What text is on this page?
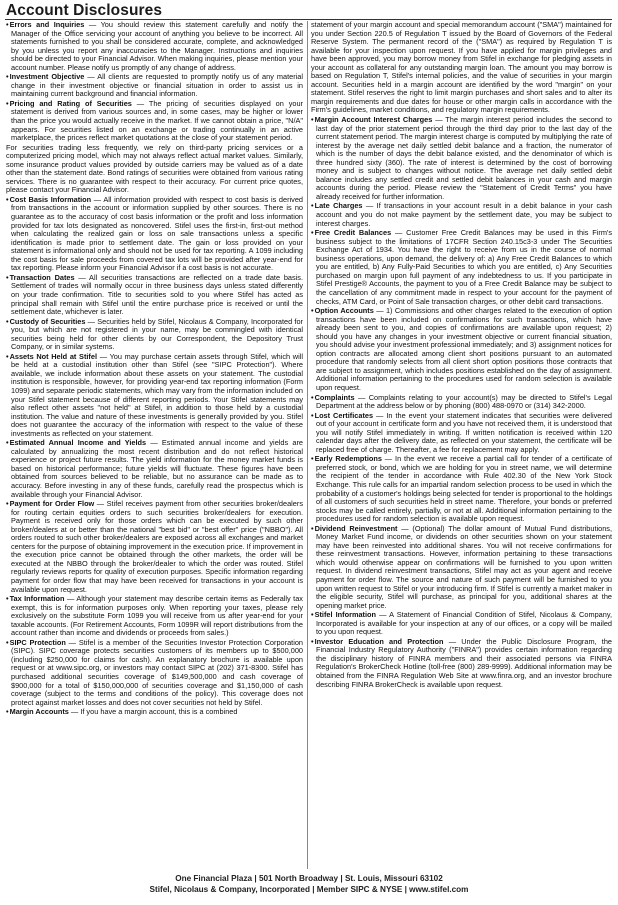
Account Disclosures

• Errors and Inquiries — You should review this statement carefully and notify the Manager of the Office servicing your account of anything you believe to be incorrect. All statements furnished to you shall be considered accurate, complete, and acknowledged by you unless you report any inaccuracies to the Manager. Instructions and inquiries should be directed to your Financial Advisor. When making inquiries, please mention your account number. Please notify us promptly of any change of address.

• Investment Objective — All clients are requested to promptly notify us of any material change in their investment objective or financial situation in order to assist us in maintaining current background and financial information.

• Pricing and Rating of Securities — The pricing of securities displayed on your statement is derived from various sources and, in some cases, may be higher or lower than the price you would actually receive in the market. If we cannot obtain a price, "N/A" appears. For securities listed on an exchange or trading continually in an active marketplace, the prices reflect market quotations at the close of your statement period.

For securities trading less frequently, we rely on third-party pricing services or a computerized pricing model, which may not always reflect actual market values. Similarly, some insurance product values provided by outside carriers may be valued as of a date other than the statement date. Bond ratings of securities were obtained from various rating services. There is no guarantee with respect to their accuracy. For current price quotes, please contact your Financial Advisor.

• Cost Basis Information — All information provided with respect to cost basis is derived from transactions in the account or information supplied by other sources. There is no guarantee as to the accuracy of cost basis information or the profit and loss information provided for tax lots designated as noncovered. Stifel uses the first-in, first-out method when calculating the realized gain or loss on sale transactions unless a specific identification is made prior to settlement date. The gain or loss provided on your statement is informational only and should not be used for tax reporting. A 1099 including the cost basis for sale proceeds from covered tax lots will be provided after year-end for tax reporting. Please inform your Financial Advisor if a cost basis is not accurate.

• Transaction Dates — All securities transactions are reflected on a trade date basis. Settlement of trades will normally occur in three business days unless stated differently on your trade confirmation. Title to securities sold to you where Stifel has acted as principal shall remain with Stifel until the entire purchase price is received or until the settlement date, whichever is later.

• Custody of Securities — Securities held by Stifel, Nicolaus & Company, Incorporated for you, but which are not registered in your name, may be commingled with identical securities being held for other clients by our Correspondent, the Depository Trust Company, or in similar systems.

• Assets Not Held at Stifel — You may purchase certain assets through Stifel, which will be held at a custodial institution other than Stifel (see "SIPC Protection"). Where available, we include information about these assets on your statement. The custodial institution is responsible, however, for providing year-end tax reporting information (Form 1099) and separate periodic statements, which may vary from the information included on your Stifel statement because of different reporting periods. Your Stifel statements may also reflect other assets "not held" at Stifel, in addition to those held by a custodial institution. The value and nature of these investments is generally provided by you. Stifel does not guarantee the accuracy of the information with respect to the value of these investments as reflected on your statement.

• Estimated Annual Income and Yields — Estimated annual income and yields are calculated by annualizing the most recent distribution and do not reflect historical experience or project future results. The yield information for the money market funds is based on historical performance; future yields will fluctuate. These figures have been obtained from sources believed to be reliable, but no assurance can be made as to accuracy. Before investing in any of these funds, carefully read the prospectus which is available through your Financial Advisor.

• Payment for Order Flow — Stifel receives payment from other securities broker/dealers for routing certain equities orders to such securities broker/dealers for execution. Payment is received only for those orders which can be executed by such other broker/dealers at or better than the national "best bid" or "best offer" price ("NBBO"). All orders routed to such other broker/dealers are exposed across all exchanges and market centers for the purpose of obtaining improvement in the execution price. If improvement in the execution price cannot be obtained through the other markets, the order will be executed at the NBBO through the broker/dealer to which the order was routed. Stifel regularly reviews reports for quality of execution purposes. Specific information regarding payment for order flow that may have been received for transactions in your account is available upon request.

• Tax Information — Although your statement may describe certain items as Federally tax exempt, this is for information purposes only. When reporting your taxes, please rely exclusively on the substitute Form 1099 you will receive from us after year-end for your taxable accounts. (For Retirement Accounts, Form 1099R will report distributions from the account rather than income and dividends or proceeds from sales.)

• SIPC Protection — Stifel is a member of the Securities Investor Protection Corporation (SIPC). SIPC coverage protects securities customers of its members up to $500,000 (including $250,000 for claims for cash). An explanatory brochure is available upon request or at www.sipc.org, or investors may contact SIPC at (202) 371-8300. Stifel has purchased additional securities coverage of $149,500,000 and cash coverage of $900,000 for a total of $150,000,000 of securities coverage and $1,150,000 of cash coverage (subject to the terms and conditions of the policy). This coverage does not protect against market losses and does not cover securities not held by Stifel.

• Margin Accounts — If you have a margin account, this is a combined

statement of your margin account and special memorandum account ("SMA") maintained for you under Section 220.5 of Regulation T issued by the Board of Governors of the Federal Reserve System. The permanent record of the ("SMA") as required by Regulation T is available for your inspection upon request. If you have applied for margin privileges and have been approved, you may borrow money from Stifel in exchange for pledging assets in your account as collateral for any outstanding margin loan. The amount you may borrow is based on Regulation T, Stifel's internal policies, and the value of securities in your margin account. Securities held in a margin account are identified by the word "margin" on your statement. Stifel reserves the right to limit margin purchases and short sales and to alter its margin requirements and due dates for house or other margin calls in accordance with the Firm's guidelines, market conditions, and regulatory margin requirements.

• Margin Account Interest Charges — The margin interest period includes the second to last day of the prior statement period through the third day prior to the last day of the current statement period. The margin interest charge is computed by multiplying the rate of interest by the average net daily settled debit balance and a fraction, the numerator of which is the number of days the debit balance existed, and the denominator of which is three hundred sixty (360). The rate of interest is determined by the cost of borrowing money and is subject to changes without notice. The average net daily settled debit balance includes any settled credit and settled debit balances in your cash and margin accounts during the period. Please review the "Statement of Credit Terms" you have already received for further information.

• Late Charges — If transactions in your account result in a debit balance in your cash account and you do not make payment by the settlement date, you may be subject to interest charges.

• Free Credit Balances — Customer Free Credit Balances may be used in this Firm's business subject to the limitations of 17CFR Section 240.15c3-3 under The Securities Exchange Act of 1934. You have the right to receive from us in the course of normal business operations, upon demand, the delivery of: a) Any Free Credit Balances to which you are entitled, b) Any Fully-Paid Securities to which you are entitled, c) Any Securities purchased on margin upon full payment of any indebtedness to us. If you participate in Stifel Prestige® Accounts, the payment to you of a Free Credit Balance may be subject to the cancellation of any commitment made in respect to your account for the payment of checks, ATM Card, or Point of Sale transaction charges, or other debit card transactions.

• Option Accounts — 1) Commissions and other charges related to the execution of option transactions have been included on confirmations for such transactions, which have already been sent to you, and copies of confirmations are available upon request; 2) should you have any changes in your investment objective or current financial situation, you should advise your investment professional immediately; and 3) assignment notices for option contracts are allocated among client short positions pursuant to an automated procedure that randomly selects from all client short option positions those contracts that are subject to assignment, which includes positions established on the day of assignment. Additional information pertaining to the procedures used for random selection is available upon request.

• Complaints — Complaints relating to your account(s) may be directed to Stifel's Legal Department at the address below or by phoning (800) 488-0970 or (314) 342-2000.

• Lost Certificates — In the event your statement indicates that securities were delivered out of your account in certificate form and you have not received them, it is understood that you will notify Stifel immediately in writing. If written notification is received within 120 calendar days after the delivery date, as reflected on your statement, the certificate will be replaced free of charge. Thereafter, a fee for replacement may apply.

• Early Redemptions — In the event we receive a partial call for tender of a certificate of preferred stock, or bond, which we are holding for you in street name, we will determine the recipient of the tender in accordance with Rule 402.30 of the New York Stock Exchange. This rule calls for an impartial random selection process to be used in which the probability of a customer's holdings being selected for tender is proportional to the holdings of all customers of such securities held in street name. Therefore, your bonds or preferred stocks may be called entirely, partially, or not at all. Additional information pertaining to the procedures used for random selection is available upon request.

• Dividend Reinvestment — (Optional) The dollar amount of Mutual Fund distributions, Money Market Fund income, or dividends on other securities shown on your statement may have been reinvested into additional shares. You will not receive confirmations for these reinvestment transactions. However, information pertaining to these transactions which would otherwise appear on confirmations will be furnished to you upon written request. In dividend reinvestment transactions, Stifel may act as your agent and receive payment for order flow. The source and nature of such payment will be furnished to you upon written request to Stifel or your introducing firm. If Stifel is currently a market maker in the eligible security, Stifel will purchase, as principal for you, additional shares at the opening market price.

• Stifel Information — A Statement of Financial Condition of Stifel, Nicolaus & Company, Incorporated is available for your inspection at any of our offices, or a copy will be mailed to you upon request.

• Investor Education and Protection — Under the Public Disclosure Program, the Financial Industry Regulatory Authority ("FINRA") provides certain information regarding the disciplinary history of FINRA members and their associated persons via FINRA Regulation's BrokerCheck Hotline (toll-free (800) 289-9999). Additional information may be obtained from the FINRA Regulation Web Site at www.finra.org, and an investor brochure describing FINRA BrokerCheck is available upon request.

One Financial Plaza | 501 North Broadway | St. Louis, Missouri 63102
Stifel, Nicolaus & Company, Incorporated | Member SIPC & NYSE | www.stifel.com
